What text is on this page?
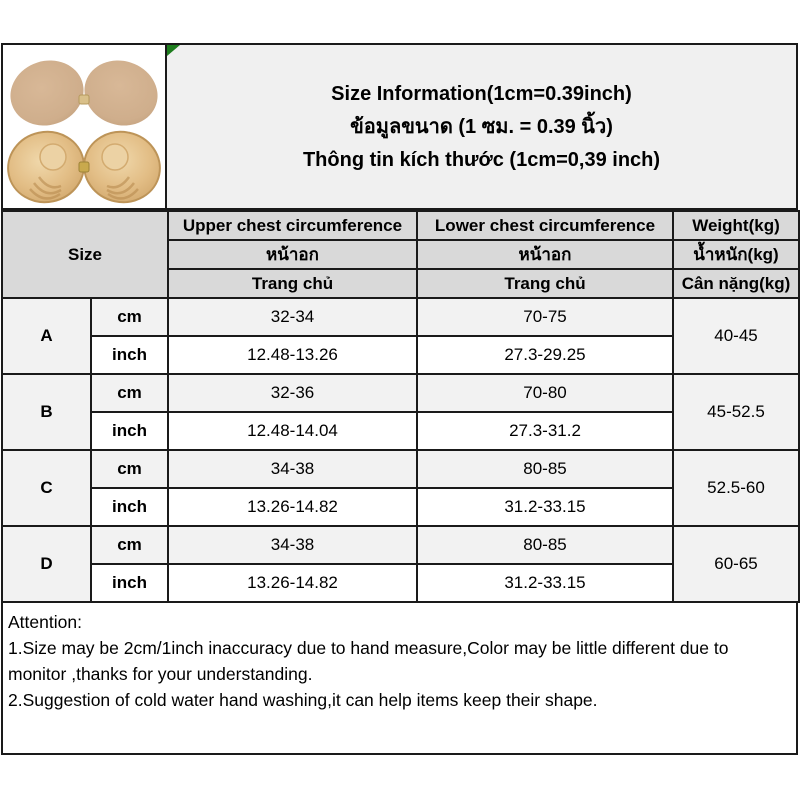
Size Information(1cm=0.39inch)
ข้อมูลขนาด (1 ซม. = 0.39 นิ้ว)
Thông tin kích thước (1cm=0,39 inch)
Size		Upper chest circumference	Lower chest circumference	Weight(kg)
		หน้าอก	หน้าอก	น้ำหนัก(kg)
		Trang chủ	Trang chủ	Cân nặng(kg)
A	cm	32-34	70-75	40-45
	inch	12.48-13.26	27.3-29.25	
B	cm	32-36	70-80	45-52.5
	inch	12.48-14.04	27.3-31.2	
C	cm	34-38	80-85	52.5-60
	inch	13.26-14.82	31.2-33.15	
D	cm	34-38	80-85	60-65
	inch	13.26-14.82	31.2-33.15	
Attention:
1.Size may be 2cm/1inch inaccuracy due to hand measure,Color may be little different due to monitor ,thanks for your understanding.
2.Suggestion of cold water hand washing,it can help items keep their shape.
